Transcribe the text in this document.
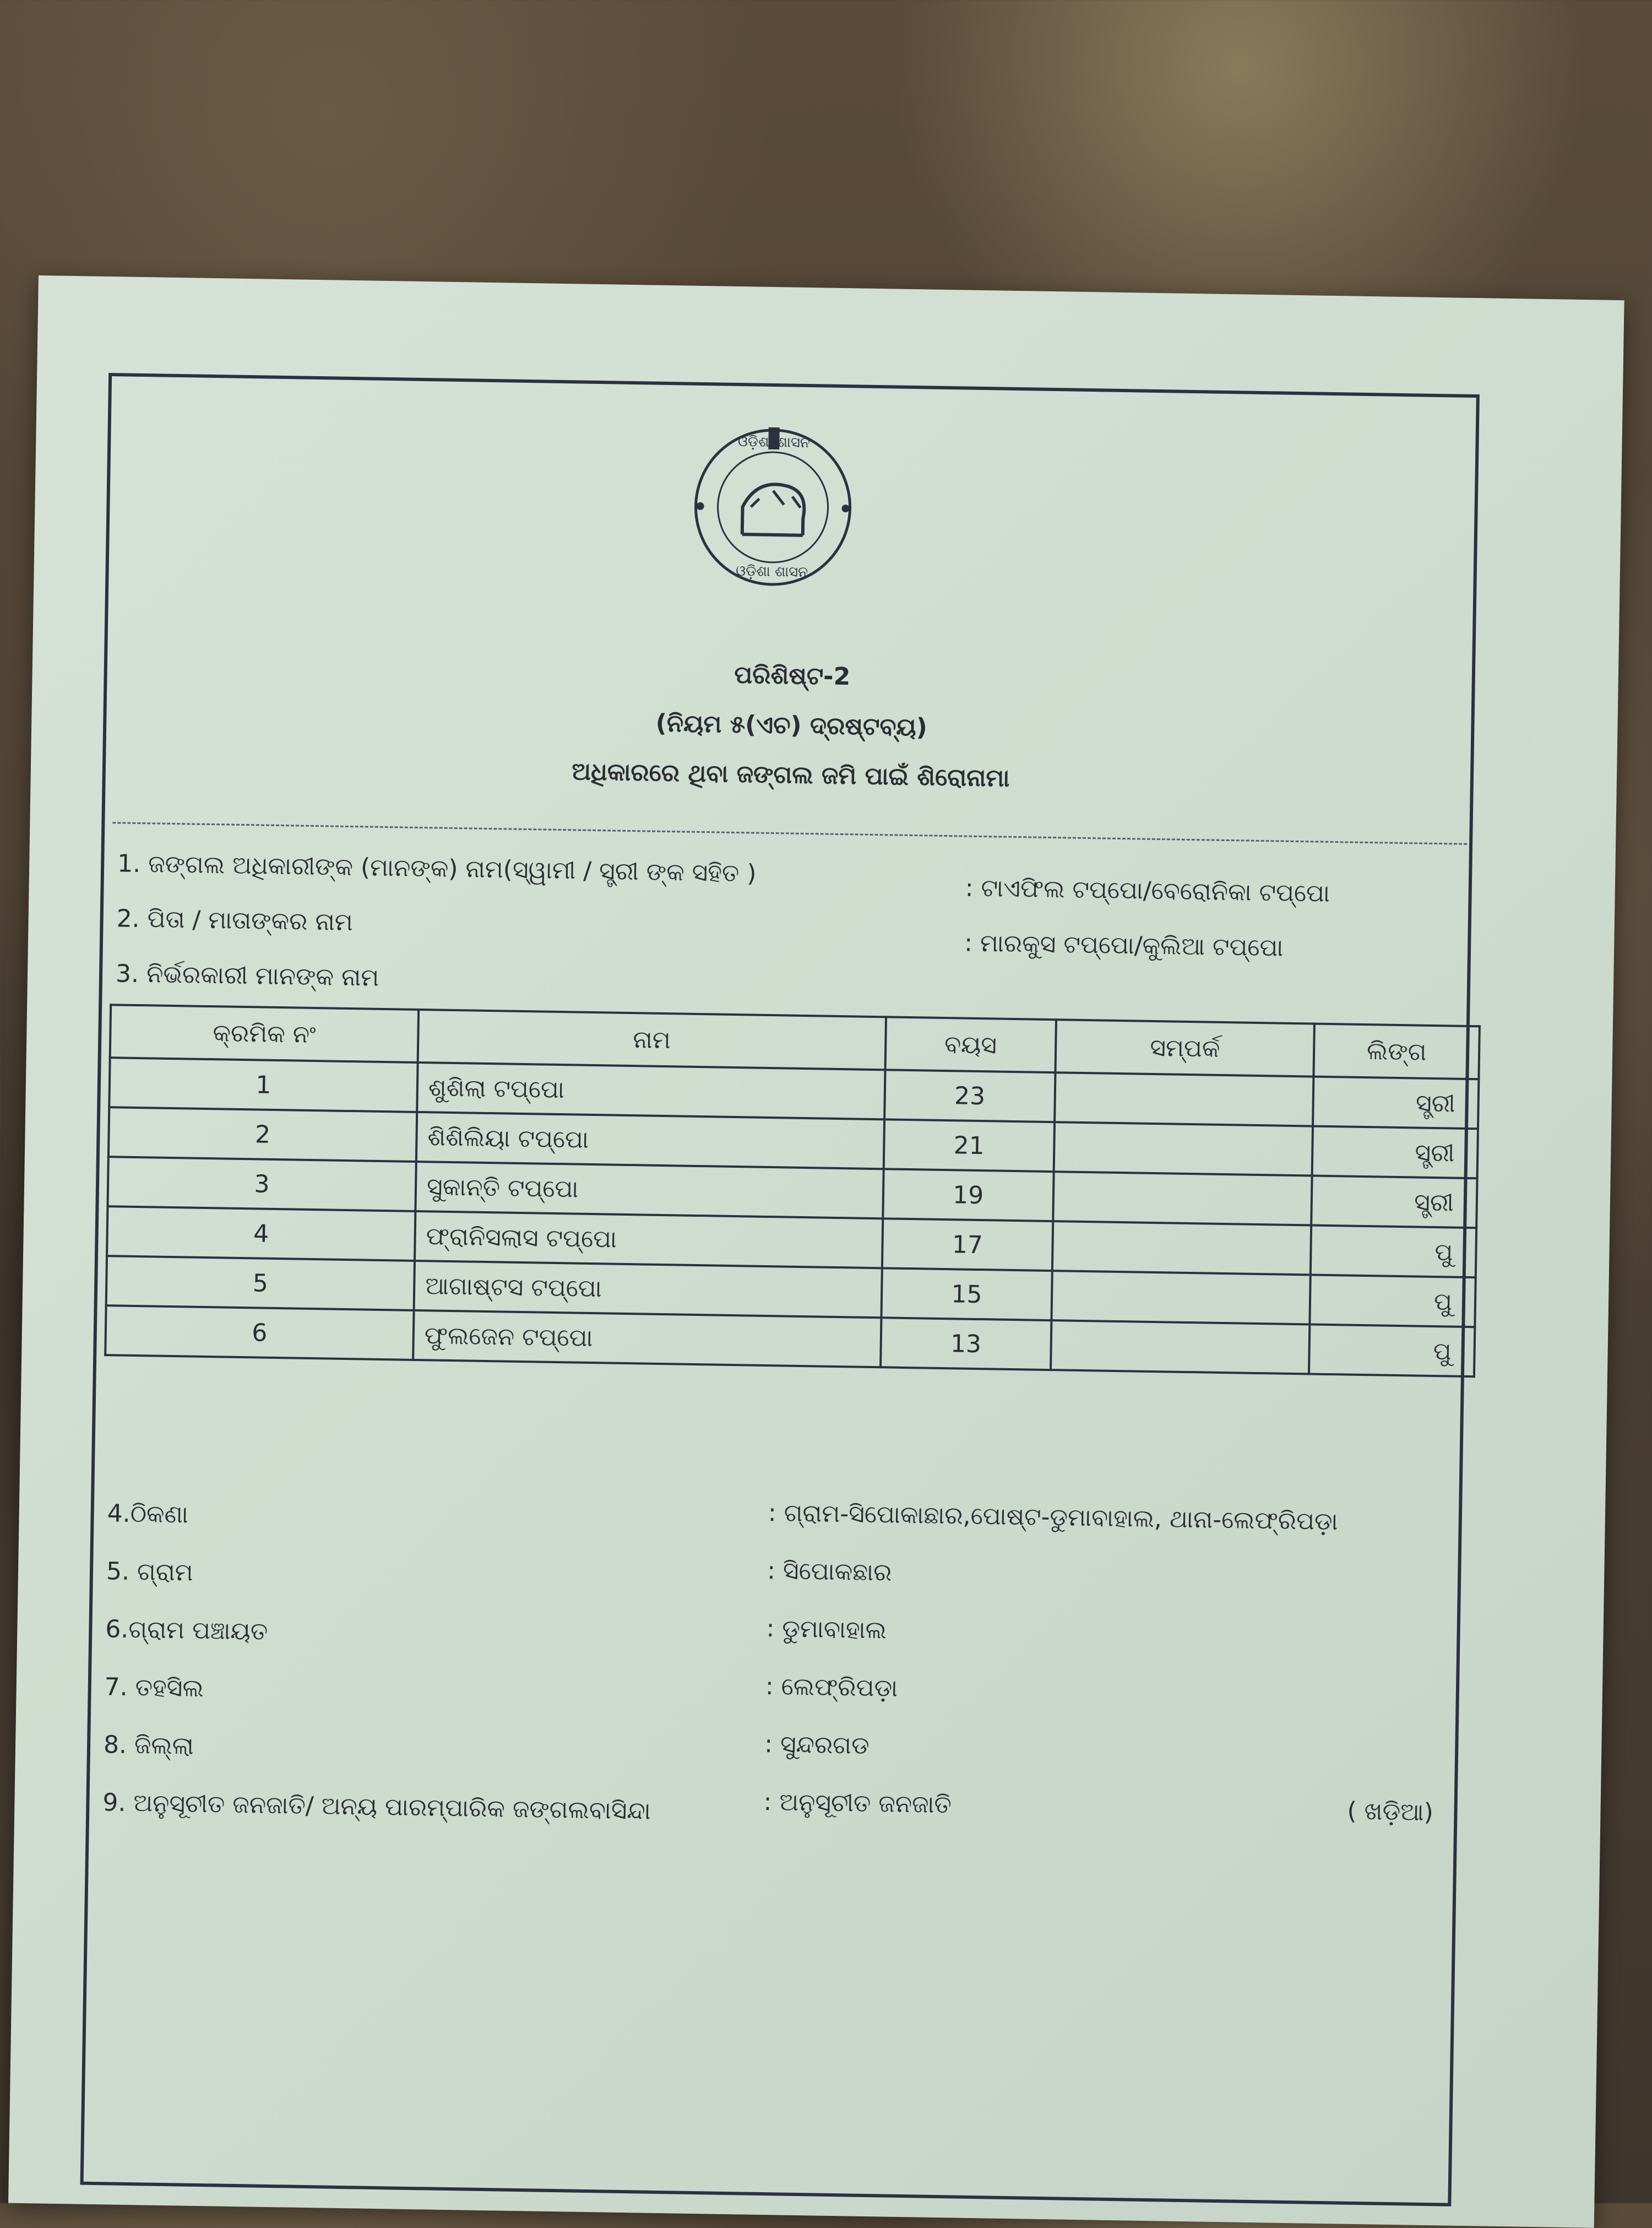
ଓଡ଼ିଶା ଶାସନ
ଓଡ଼ିଶା ଶାସନ
ପରିଶିଷ୍ଟ-2
(ନିୟମ ୫(ଏଚ) ଦ୍ରଷ୍ଟବ୍ୟ)
ଅଧିକାରରେ ଥିବା ଜଙ୍ଗଲ ଜମି ପାଇଁ ଶିରୋନାମା
1. ଜଙ୍ଗଲ ଅଧିକାରୀଙ୍କ (ମାନଙ୍କ) ନାମ(ସ୍ୱାମୀ / ସ୍ତ୍ରୀ ଙ୍କ ସହିତ )
: ଟାଏଫିଲ ଟପ୍ପୋ/ବେରୋନିକା ଟପ୍ପୋ
2. ପିତା / ମାତାଙ୍କର ନାମ
: ମାରକୁସ ଟପ୍ପୋ/କୁଲିଆ ଟପ୍ପୋ
3. ନିର୍ଭରକାରୀ ମାନଙ୍କ ନାମ
କ୍ରମିକ ନଂ	ନାମ	ବୟସ	ସମ୍ପର୍କ	ଲିଙ୍ଗ
1	ଶୁଶିଲା ଟପ୍ପୋ	23		ସ୍ତ୍ରୀ
2	ଶିଶିଲିୟା ଟପ୍ପୋ	21		ସ୍ତ୍ରୀ
3	ସୁକାନ୍ତି ଟପ୍ପୋ	19		ସ୍ତ୍ରୀ
4	ଫ୍ରାନିସଲାସ ଟପ୍ପୋ	17		ପୁ
5	ଆଗାଷ୍ଟସ ଟପ୍ପୋ	15		ପୁ
6	ଫୁଲଜେନ ଟପ୍ପୋ	13		ପୁ
4.ଠିକଣା	: ଗ୍ରାମ-ସିପୋକାଛାର,ପୋଷ୍ଟ-ଡୁମାବାହାଲ, ଥାନା-ଲେଫ୍ରିପଡ଼ା
5. ଗ୍ରାମ	: ସିପୋକଛାର
6.ଗ୍ରାମ ପଞ୍ଚାୟତ	: ଡୁମାବାହାଲ
7. ତହସିଲ	: ଲେଫ୍ରିପଡ଼ା
8. ଜିଲ୍ଲା	: ସୁନ୍ଦରଗଡ
9. ଅନୁସୂଚୀତ ଜନଜାତି/ ଅନ୍ୟ ପାରମ୍ପାରିକ ଜଙ୍ଗଲବାସିନ୍ଦା	: ଅନୁସୂଚୀତ ଜନଜାତି	( ଖଡ଼ିଆ)
